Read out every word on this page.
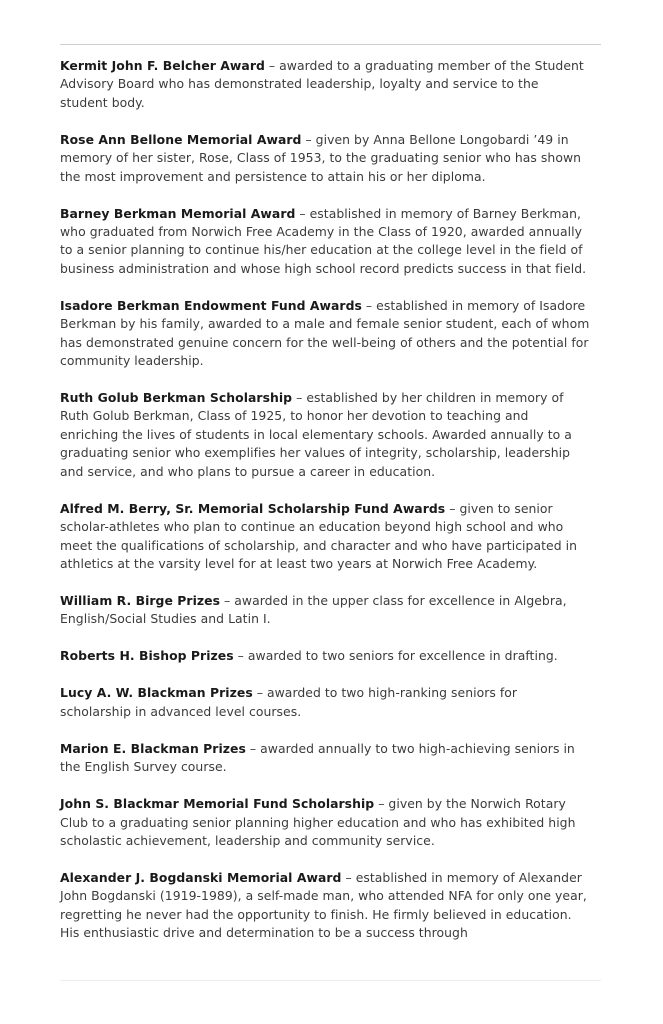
Kermit John F. Belcher Award – awarded to a graduating member of the Student Advisory Board who has demonstrated leadership, loyalty and service to the student body.

Rose Ann Bellone Memorial Award – given by Anna Bellone Longobardi ’49 in memory of her sister, Rose, Class of 1953, to the graduating senior who has shown the most improvement and persistence to attain his or her diploma.

Barney Berkman Memorial Award – established in memory of Barney Berkman, who graduated from Norwich Free Academy in the Class of 1920, awarded annually to a senior planning to continue his/her education at the college level in the field of business administration and whose high school record predicts success in that field.

Isadore Berkman Endowment Fund Awards – established in memory of Isadore Berkman by his family, awarded to a male and female senior student, each of whom has demonstrated genuine concern for the well-being of others and the potential for community leadership.

Ruth Golub Berkman Scholarship – established by her children in memory of Ruth Golub Berkman, Class of 1925, to honor her devotion to teaching and enriching the lives of students in local elementary schools. Awarded annually to a graduating senior who exemplifies her values of integrity, scholarship, leadership and service, and who plans to pursue a career in education.

Alfred M. Berry, Sr. Memorial Scholarship Fund Awards – given to senior scholar-athletes who plan to continue an education beyond high school and who meet the qualifications of scholarship, and character and who have participated in athletics at the varsity level for at least two years at Norwich Free Academy.

William R. Birge Prizes – awarded in the upper class for excellence in Algebra, English/Social Studies and Latin I.

Roberts H. Bishop Prizes – awarded to two seniors for excellence in drafting.

Lucy A. W. Blackman Prizes – awarded to two high-ranking seniors for scholarship in advanced level courses.

Marion E. Blackman Prizes – awarded annually to two high-achieving seniors in the English Survey course.

John S. Blackmar Memorial Fund Scholarship – given by the Norwich Rotary Club to a graduating senior planning higher education and who has exhibited high scholastic achievement, leadership and community service.

Alexander J. Bogdanski Memorial Award – established in memory of Alexander John Bogdanski (1919-1989), a self-made man, who attended NFA for only one year, regretting he never had the opportunity to finish. He firmly believed in education. His enthusiastic drive and determination to be a success through
